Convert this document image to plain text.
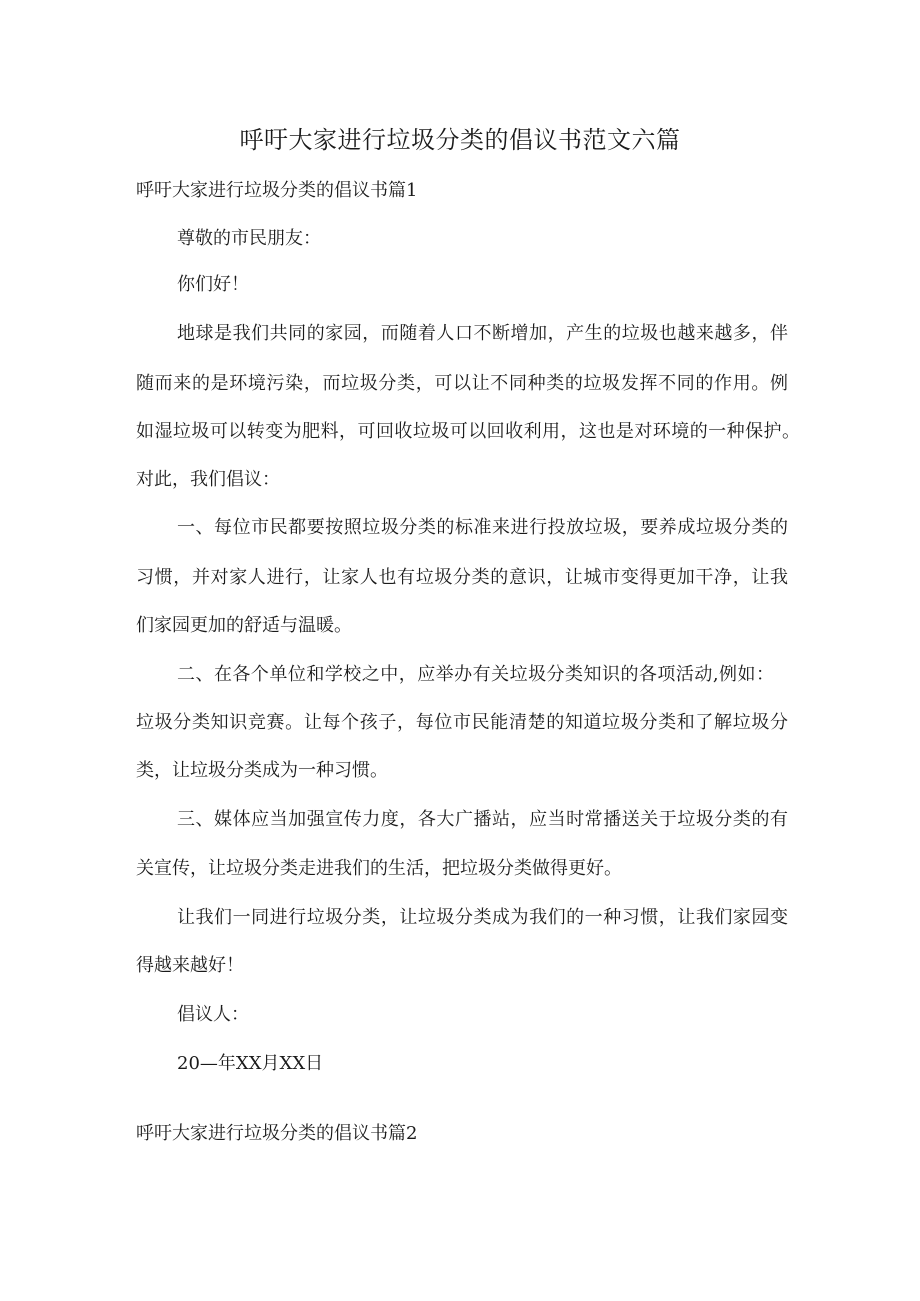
呼吁大家进行垃圾分类的倡议书范文六篇
呼吁大家进行垃圾分类的倡议书篇1
尊敬的市民朋友：
你们好！
地球是我们共同的家园，而随着人口不断增加，产生的垃圾也越来越多，伴
随而来的是环境污染，而垃圾分类，可以让不同种类的垃圾发挥不同的作用。例
如湿垃圾可以转变为肥料，可回收垃圾可以回收利用，这也是对环境的一种保护。
对此，我们倡议：
一、每位市民都要按照垃圾分类的标准来进行投放垃圾，要养成垃圾分类的
习惯，并对家人进行，让家人也有垃圾分类的意识，让城市变得更加干净，让我
们家园更加的舒适与温暖。
二、在各个单位和学校之中，应举办有关垃圾分类知识的各项活动,例如：
垃圾分类知识竞赛。让每个孩子，每位市民能清楚的知道垃圾分类和了解垃圾分
类，让垃圾分类成为一种习惯。
三、媒体应当加强宣传力度，各大广播站，应当时常播送关于垃圾分类的有
关宣传，让垃圾分类走进我们的生活，把垃圾分类做得更好。
让我们一同进行垃圾分类，让垃圾分类成为我们的一种习惯，让我们家园变
得越来越好！
倡议人：
20—年XX月XX日
呼吁大家进行垃圾分类的倡议书篇2
